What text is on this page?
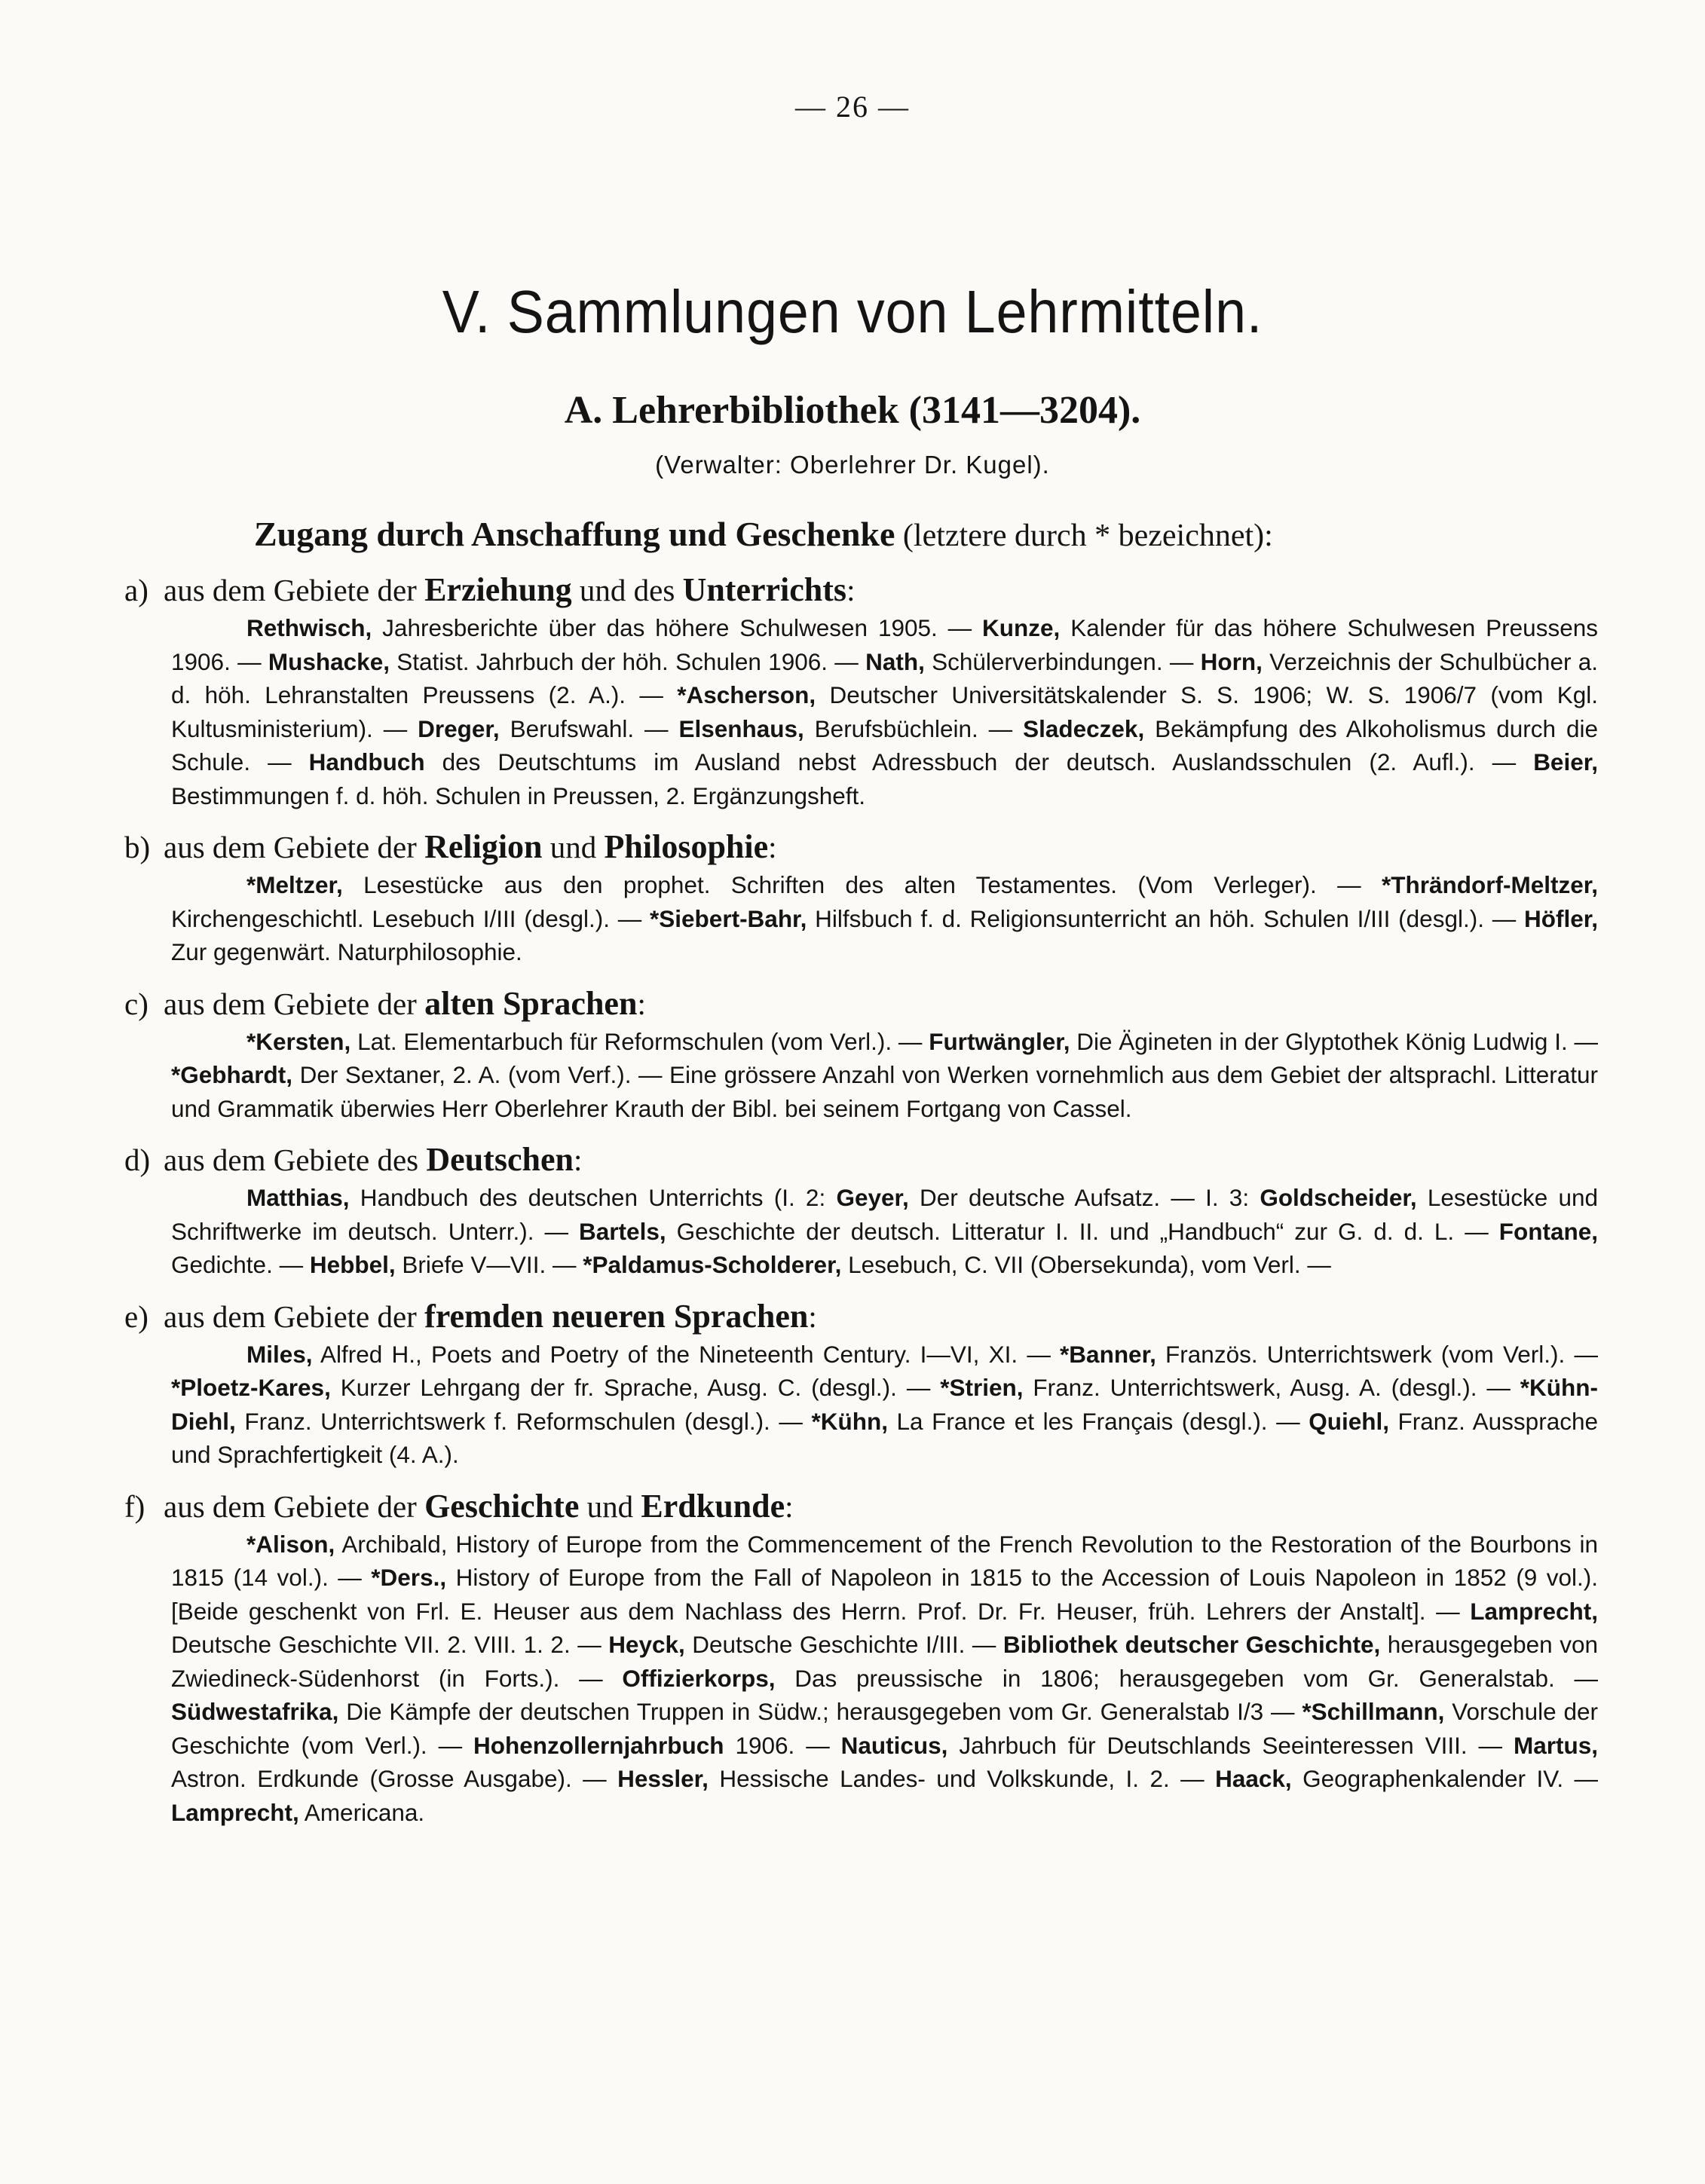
— 26 —
V. Sammlungen von Lehrmitteln.
A. Lehrerbibliothek (3141—3204).
(Verwalter: Oberlehrer Dr. Kugel).
Zugang durch Anschaffung und Geschenke (letztere durch * bezeichnet):
a) aus dem Gebiete der Erziehung und des Unterrichts:
Rethwisch, Jahresberichte über das höhere Schulwesen 1905. — Kunze, Kalender für das höhere Schulwesen Preussens 1906. — Mushacke, Statist. Jahrbuch der höh. Schulen 1906. — Nath, Schülerverbindungen. — Horn, Verzeichnis der Schulbücher a. d. höh. Lehranstalten Preussens (2. A.). — *Ascherson, Deutscher Universitätskalender S. S. 1906; W. S. 1906/7 (vom Kgl. Kultusministerium). — Dreger, Berufswahl. — Elsenhaus, Berufsbüchlein. — Sladeczek, Bekämpfung des Alkoholismus durch die Schule. — Handbuch des Deutschtums im Ausland nebst Adressbuch der deutsch. Auslandsschulen (2. Aufl.). — Beier, Bestimmungen f. d. höh. Schulen in Preussen, 2. Ergänzungsheft.
b) aus dem Gebiete der Religion und Philosophie:
*Meltzer, Lesestücke aus den prophet. Schriften des alten Testamentes. (Vom Verleger). — *Thrändorf-Meltzer, Kirchengeschichtl. Lesebuch I/III (desgl.). — *Siebert-Bahr, Hilfsbuch f. d. Religionsunterricht an höh. Schulen I/III (desgl.). — Höfler, Zur gegenwärt. Naturphilosophie.
c) aus dem Gebiete der alten Sprachen:
*Kersten, Lat. Elementarbuch für Reformschulen (vom Verl.). — Furtwängler, Die Ägineten in der Glyptothek König Ludwig I. — *Gebhardt, Der Sextaner, 2. A. (vom Verf.). — Eine grössere Anzahl von Werken vornehmlich aus dem Gebiet der altsprachl. Litteratur und Grammatik überwies Herr Oberlehrer Krauth der Bibl. bei seinem Fortgang von Cassel.
d) aus dem Gebiete des Deutschen:
Matthias, Handbuch des deutschen Unterrichts (I. 2: Geyer, Der deutsche Aufsatz. — I. 3: Goldscheider, Lesestücke und Schriftwerke im deutsch. Unterr.). — Bartels, Geschichte der deutsch. Litteratur I. II. und „Handbuch“ zur G. d. d. L. — Fontane, Gedichte. — Hebbel, Briefe V—VII. — *Paldamus-Scholderer, Lesebuch, C. VII (Obersekunda), vom Verl. —
e) aus dem Gebiete der fremden neueren Sprachen:
Miles, Alfred H., Poets and Poetry of the Nineteenth Century. I—VI, XI. — *Banner, Französ. Unterrichtswerk (vom Verl.). — *Ploetz-Kares, Kurzer Lehrgang der fr. Sprache, Ausg. C. (desgl.). — *Strien, Franz. Unterrichtswerk, Ausg. A. (desgl.). — *Kühn-Diehl, Franz. Unterrichtswerk f. Reformschulen (desgl.). — *Kühn, La France et les Français (desgl.). — Quiehl, Franz. Aussprache und Sprachfertigkeit (4. A.).
f) aus dem Gebiete der Geschichte und Erdkunde:
*Alison, Archibald, History of Europe from the Commencement of the French Revolution to the Restoration of the Bourbons in 1815 (14 vol.). — *Ders., History of Europe from the Fall of Napoleon in 1815 to the Accession of Louis Napoleon in 1852 (9 vol.). [Beide geschenkt von Frl. E. Heuser aus dem Nachlass des Herrn. Prof. Dr. Fr. Heuser, früh. Lehrers der Anstalt]. — Lamprecht, Deutsche Geschichte VII. 2. VIII. 1. 2. — Heyck, Deutsche Geschichte I/III. — Bibliothek deutscher Geschichte, herausgegeben von Zwiedineck-Südenhorst (in Forts.). — Offizierkorps, Das preussische in 1806; herausgegeben vom Gr. Generalstab. — Südwestafrika, Die Kämpfe der deutschen Truppen in Südw.; herausgegeben vom Gr. Generalstab I/3 — *Schillmann, Vorschule der Geschichte (vom Verl.). — Hohenzollernjahrbuch 1906. — Nauticus, Jahrbuch für Deutschlands Seeinteressen VIII. — Martus, Astron. Erdkunde (Grosse Ausgabe). — Hessler, Hessische Landes- und Volkskunde, I. 2. — Haack, Geographenkalender IV. — Lamprecht, Americana.
